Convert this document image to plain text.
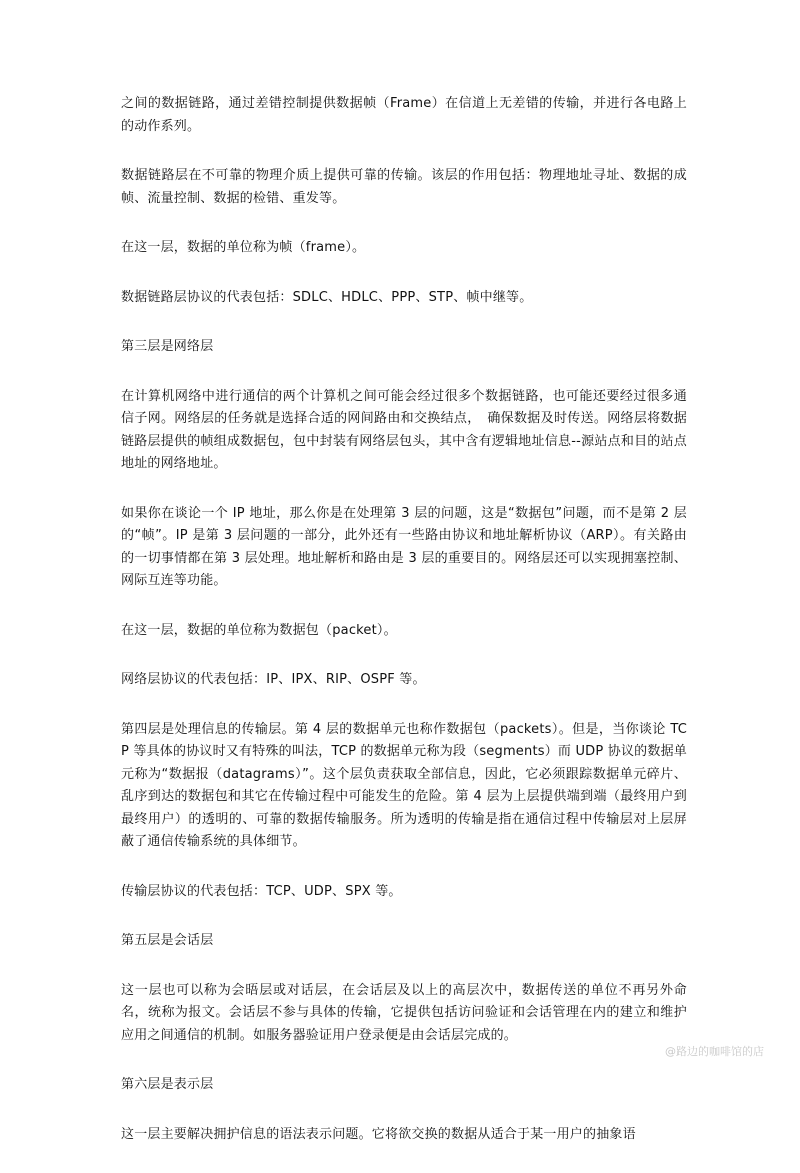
之间的数据链路，通过差错控制提供数据帧（Frame）在信道上无差错的传输，并进行各电路上的动作系列。

数据链路层在不可靠的物理介质上提供可靠的传输。该层的作用包括：物理地址寻址、数据的成帧、流量控制、数据的检错、重发等。

在这一层，数据的单位称为帧（frame）。

数据链路层协议的代表包括：SDLC、HDLC、PPP、STP、帧中继等。

第三层是网络层

在计算机网络中进行通信的两个计算机之间可能会经过很多个数据链路，也可能还要经过很多通信子网。网络层的任务就是选择合适的网间路由和交换结点，　确保数据及时传送。网络层将数据链路层提供的帧组成数据包，包中封装有网络层包头，其中含有逻辑地址信息--源站点和目的站点地址的网络地址。

如果你在谈论一个 IP 地址，那么你是在处理第 3 层的问题，这是“数据包”问题，而不是第 2 层的“帧”。IP 是第 3 层问题的一部分，此外还有一些路由协议和地址解析协议（ARP）。有关路由的一切事情都在第 3 层处理。地址解析和路由是 3 层的重要目的。网络层还可以实现拥塞控制、网际互连等功能。

在这一层，数据的单位称为数据包（packet）。

网络层协议的代表包括：IP、IPX、RIP、OSPF 等。

第四层是处理信息的传输层。第 4 层的数据单元也称作数据包（packets）。但是，当你谈论 TCP 等具体的协议时又有特殊的叫法，TCP 的数据单元称为段（segments）而 UDP 协议的数据单元称为“数据报（datagrams）”。这个层负责获取全部信息，因此，它必须跟踪数据单元碎片、乱序到达的数据包和其它在传输过程中可能发生的危险。第 4 层为上层提供端到端（最终用户到最终用户）的透明的、可靠的数据传输服务。所为透明的传输是指在通信过程中传输层对上层屏蔽了通信传输系统的具体细节。

传输层协议的代表包括：TCP、UDP、SPX 等。

第五层是会话层

这一层也可以称为会晤层或对话层，在会话层及以上的高层次中，数据传送的单位不再另外命名，统称为报文。会话层不参与具体的传输，它提供包括访问验证和会话管理在内的建立和维护应用之间通信的机制。如服务器验证用户登录便是由会话层完成的。

第六层是表示层

这一层主要解决拥护信息的语法表示问题。它将欲交换的数据从适合于某一用户的抽象语

@路边的咖啡馆的店
